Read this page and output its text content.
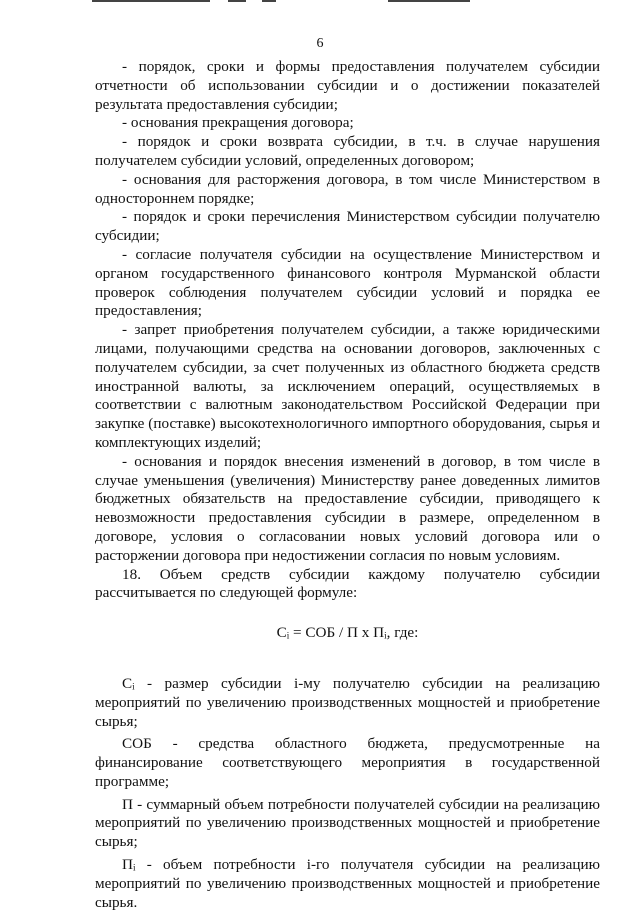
6

- порядок, сроки и формы предоставления получателем субсидии отчетности об использовании субсидии и о достижении показателей результата предоставления субсидии;

- основания прекращения договора;

- порядок и сроки возврата субсидии, в т.ч. в случае нарушения получателем субсидии условий, определенных договором;

- основания для расторжения договора, в том числе Министерством в одностороннем порядке;

- порядок и сроки перечисления Министерством субсидии получателю субсидии;

- согласие получателя субсидии на осуществление Министерством и органом государственного финансового контроля Мурманской области проверок соблюдения получателем субсидии условий и порядка ее предоставления;

- запрет приобретения получателем субсидии, а также юридическими лицами, получающими средства на основании договоров, заключенных с получателем субсидии, за счет полученных из областного бюджета средств иностранной валюты, за исключением операций, осуществляемых в соответствии с валютным законодательством Российской Федерации при закупке (поставке) высокотехнологичного импортного оборудования, сырья и комплектующих изделий;

- основания и порядок внесения изменений в договор, в том числе в случае уменьшения (увеличения) Министерству ранее доведенных лимитов бюджетных обязательств на предоставление субсидии, приводящего к невозможности предоставления субсидии в размере, определенном в договоре, условия о согласовании новых условий договора или о расторжении договора при недостижении согласия по новым условиям.

18. Объем средств субсидии каждому получателю субсидии рассчитывается по следующей формуле:

Cᵢ = СОБ / П х Пᵢ, где:

Cᵢ - размер субсидии i-му получателю субсидии на реализацию мероприятий по увеличению производственных мощностей и приобретение сырья;

СОБ - средства областного бюджета, предусмотренные на финансирование соответствующего мероприятия в государственной программе;

П - суммарный объем потребности получателей субсидии на реализацию мероприятий по увеличению производственных мощностей и приобретение сырья;

Пᵢ - объем потребности i-го получателя субсидии на реализацию мероприятий по увеличению производственных мощностей и приобретение сырья.
